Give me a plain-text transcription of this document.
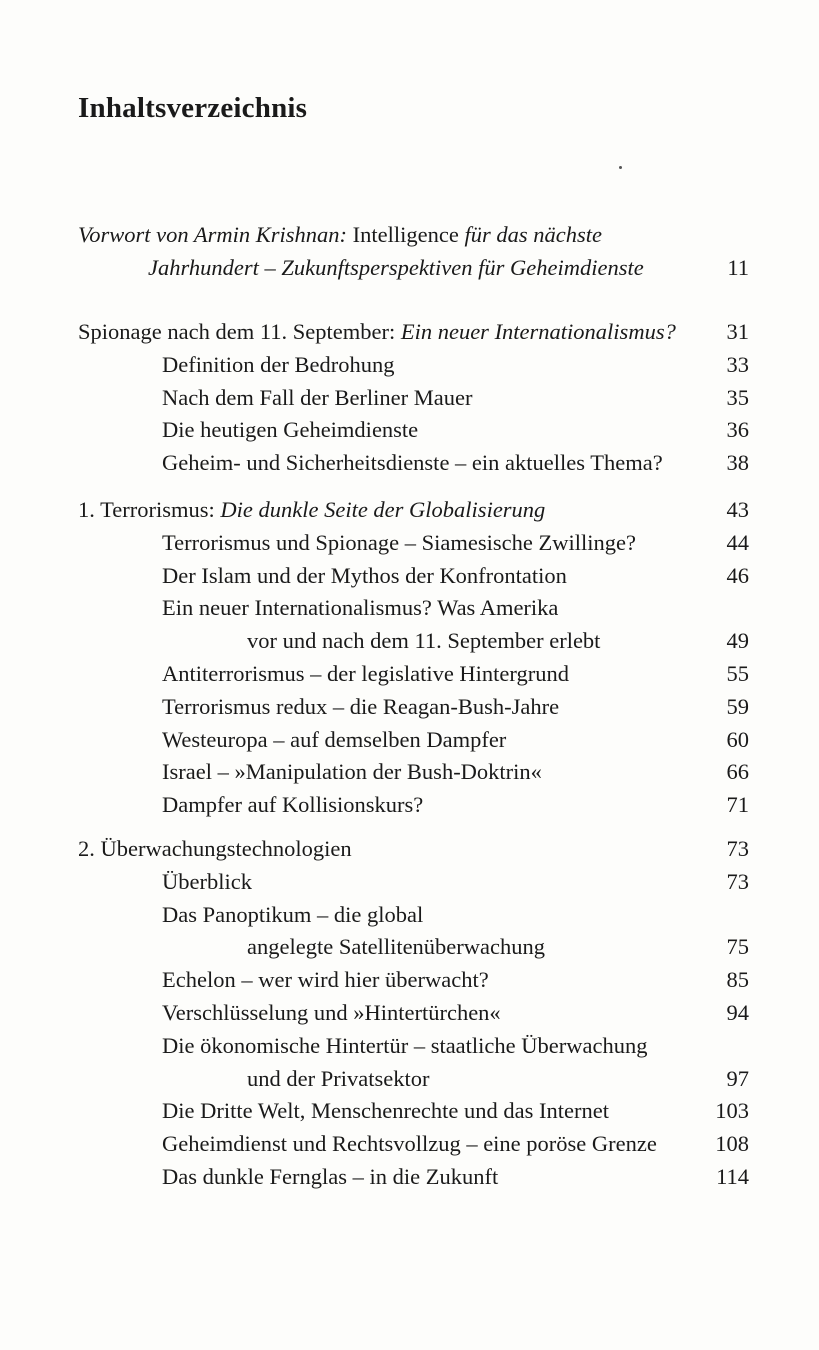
Inhaltsverzeichnis
Vorwort von Armin Krishnan: Intelligence für das nächste
Jahrhundert – Zukunftsperspektiven für Geheimdienste	11
Spionage nach dem 11. September: Ein neuer Internationalismus? 31
Definition der Bedrohung	33
Nach dem Fall der Berliner Mauer	35
Die heutigen Geheimdienste	36
Geheim- und Sicherheitsdienste – ein aktuelles Thema?	38
1. Terrorismus: Die dunkle Seite der Globalisierung	43
Terrorismus und Spionage – Siamesische Zwillinge?	44
Der Islam und der Mythos der Konfrontation	46
Ein neuer Internationalismus? Was Amerika
vor und nach dem 11. September erlebt	49
Antiterrorismus – der legislative Hintergrund	55
Terrorismus redux – die Reagan-Bush-Jahre	59
Westeuropa – auf demselben Dampfer	60
Israel – »Manipulation der Bush-Doktrin«	66
Dampfer auf Kollisionskurs?	71
2. Überwachungstechnologien	73
Überblick	73
Das Panoptikum – die global
angelegte Satellitenüberwachung	75
Echelon – wer wird hier überwacht?	85
Verschlüsselung und »Hintertürchen«	94
Die ökonomische Hintertür – staatliche Überwachung
und der Privatsektor	97
Die Dritte Welt, Menschenrechte und das Internet	103
Geheimdienst und Rechtsvollzug – eine poröse Grenze	108
Das dunkle Fernglas – in die Zukunft	114
